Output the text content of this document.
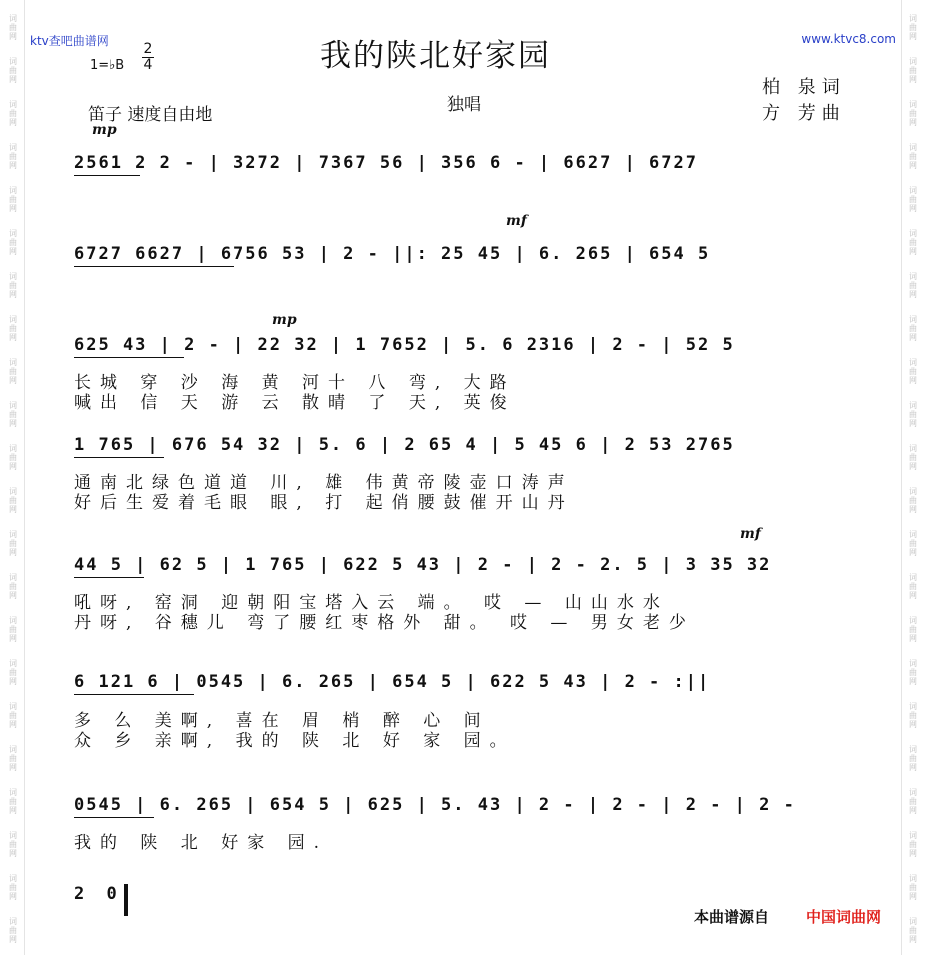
词
曲
网
词
曲
网
词
曲
网
词
曲
网
词
曲
网
词
曲
网
词
曲
网
词
曲
网
词
曲
网
词
曲
网
词
曲
网
词
曲
网
词
曲
网
词
曲
网
词
曲
网
词
曲
网
词
曲
网
词
曲
网
词
曲
网
词
曲
网
词
曲
网
词
曲
网
词
曲
网
词
曲
网
词
曲
网
词
曲
网
词
曲
网
词
曲
网
词
曲
网
词
曲
网
词
曲
网
词
曲
网
词
曲
网
词
曲
网
词
曲
网
词
曲
网
词
曲
网
词
曲
网
词
曲
网
词
曲
网
词
曲
网
词
曲
网
词
曲
网
词
曲
网
ktv查吧曲谱网	www.ktvc8.com
我的陕北好家园
1=♭B
2
4
独唱
柏 泉词
方 芳曲
笛子 速度自由地
mp
mf
mp
mf
2561 2 2 - | 3272 | 7367 56 | 356 6 - | 6627 | 6727
6727 6627 | 6756 53 | 2 - ||: 25 45 | 6. 265 | 654 5
625 43 | 2 - | 22 32 | 1 7652 | 5. 6 2316 | 2 - | 52 5
长城 穿 沙 海 黄 河十 八 弯, 大路
喊出 信 天 游 云 散晴 了 天, 英俊
1 765 | 676 54 32 | 5. 6 | 2 65 4 | 5 45 6 | 2 53 2765
通南北绿色道道 川, 雄 伟黄帝陵壶口涛声
好后生爱着毛眼 眼, 打 起俏腰鼓催开山丹
44 5 | 62 5 | 1 765 | 622 5 43 | 2 - | 2 - 2. 5 | 3 35 32
吼呀, 窑洞 迎朝阳宝塔入云 端。 哎 — 山山水水
丹呀, 谷穗儿 弯了腰红枣格外 甜。 哎 — 男女老少
6 121 6 | 0545 | 6. 265 | 654 5 | 622 5 43 | 2 - :||
多 么 美啊, 喜在 眉 梢 醉 心 间
众 乡 亲啊, 我的 陕 北 好 家 园。
0545 | 6. 265 | 654 5 | 625 | 5. 43 | 2 - | 2 - | 2 - | 2 -
我的 陕 北 好家 园.
2 0
本曲谱源自 中国词曲网
